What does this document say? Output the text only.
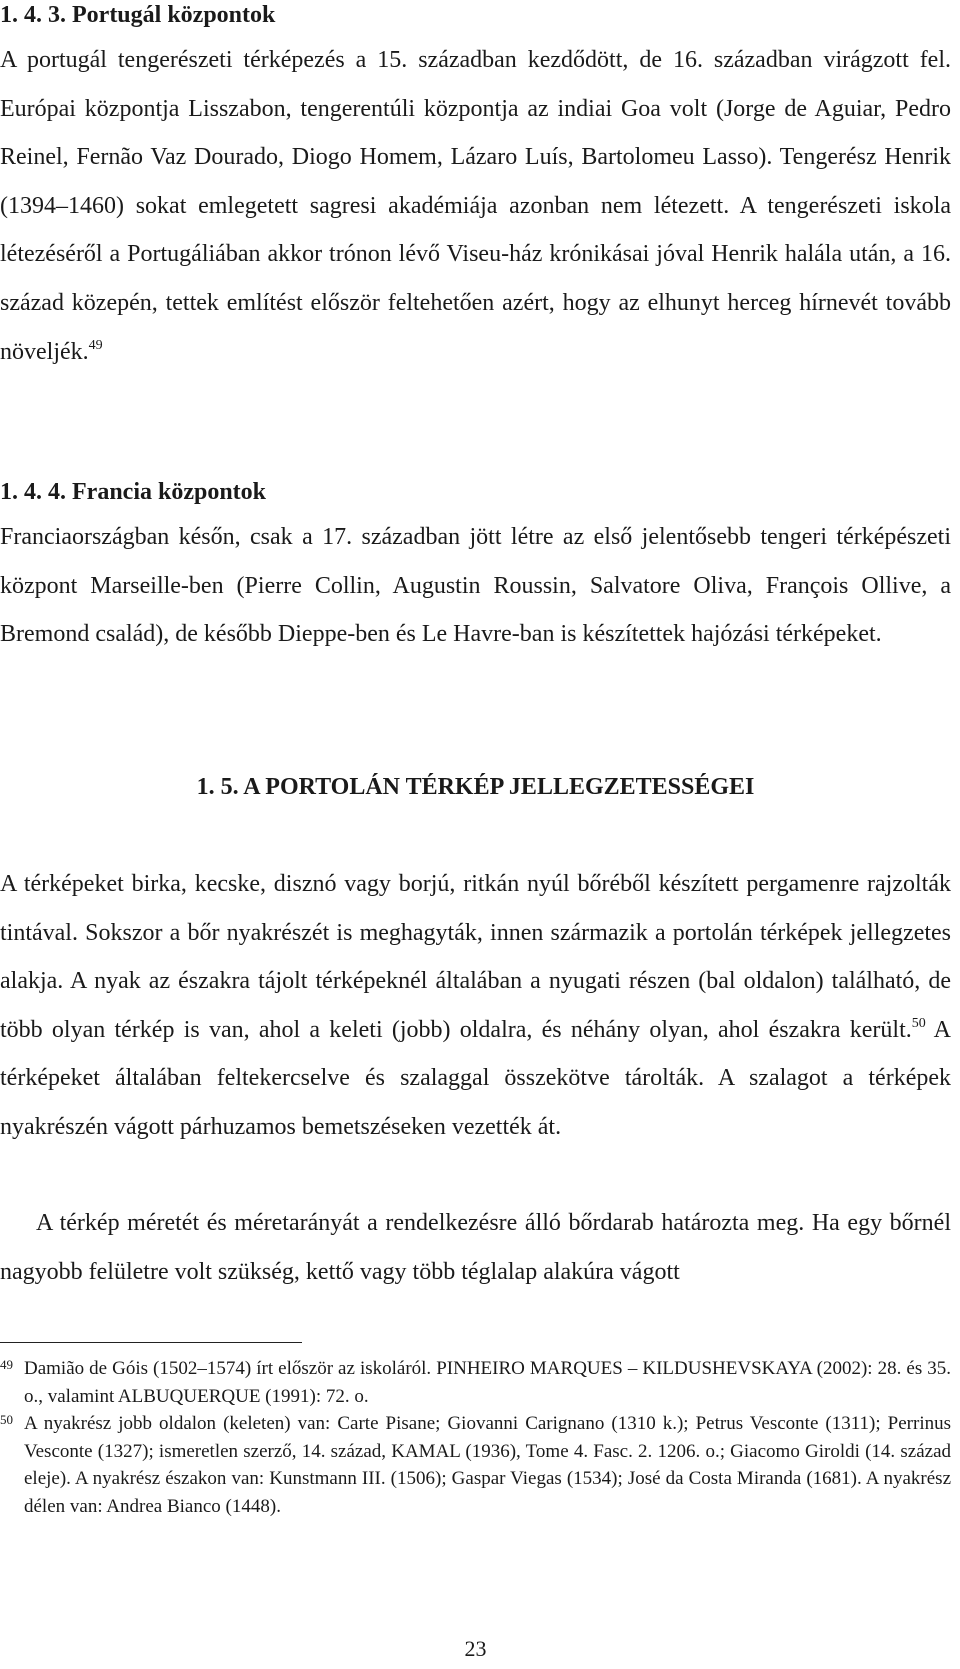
1. 4. 3. Portugál központok

A portugál tengerészeti térképezés a 15. században kezdődött, de 16. században virágzott fel. Európai központja Lisszabon, tengerentúli központja az indiai Goa volt (Jorge de Aguiar, Pedro Reinel, Fernão Vaz Dourado, Diogo Homem, Lázaro Luís, Bartolomeu Lasso). Tengerész Henrik (1394–1460) sokat emlegetett sagresi akadémiája azonban nem létezett. A tengerészeti iskola létezéséről a Portugáliában akkor trónon lévő Viseu-ház krónikásai jóval Henrik halála után, a 16. század közepén, tettek említést először feltehetően azért, hogy az elhunyt herceg hírnevét tovább növeljék.$^{49}$

1. 4. 4. Francia központok

Franciaországban későn, csak a 17. században jött létre az első jelentősebb tengeri térképészeti központ Marseille-ben (Pierre Collin, Augustin Roussin, Salvatore Oliva, François Ollive, a Bremond család), de később Dieppe-ben és Le Havre-ban is készítettek hajózási térképeket.

1. 5. A PORTOLÁN TÉRKÉP JELLEGZETESSÉGEI

A térképeket birka, kecske, disznó vagy borjú, ritkán nyúl bőréből készített pergamenre rajzolták tintával. Sokszor a bőr nyakrészét is meghagyták, innen származik a portolán térképek jellegzetes alakja. A nyak az északra tájolt térképeknél általában a nyugati részen (bal oldalon) található, de több olyan térkép is van, ahol a keleti (jobb) oldalra, és néhány olyan, ahol északra került.$^{50}$ A térképeket általában feltekercselve és szalaggal összekötve tárolták. A szalagot a térképek nyakrészén vágott párhuzamos bemetszéseken vezették át.

A térkép méretét és méretarányát a rendelkezésre álló bőrdarab határozta meg. Ha egy bőrnél nagyobb felületre volt szükség, kettő vagy több téglalap alakúra vágott

49 Damião de Góis (1502–1574) írt először az iskoláról. PINHEIRO MARQUES – KILDUSHEVSKAYA (2002): 28. és 35. o., valamint ALBUQUERQUE (1991): 72. o.
50 A nyakrész jobb oldalon (keleten) van: Carte Pisane; Giovanni Carignano (1310 k.); Petrus Vesconte (1311); Perrinus Vesconte (1327); ismeretlen szerző, 14. század, KAMAL (1936), Tome 4. Fasc. 2. 1206. o.; Giacomo Giroldi (14. század eleje). A nyakrész északon van: Kunstmann III. (1506); Gaspar Viegas (1534); José da Costa Miranda (1681). A nyakrész délen van: Andrea Bianco (1448).
23
